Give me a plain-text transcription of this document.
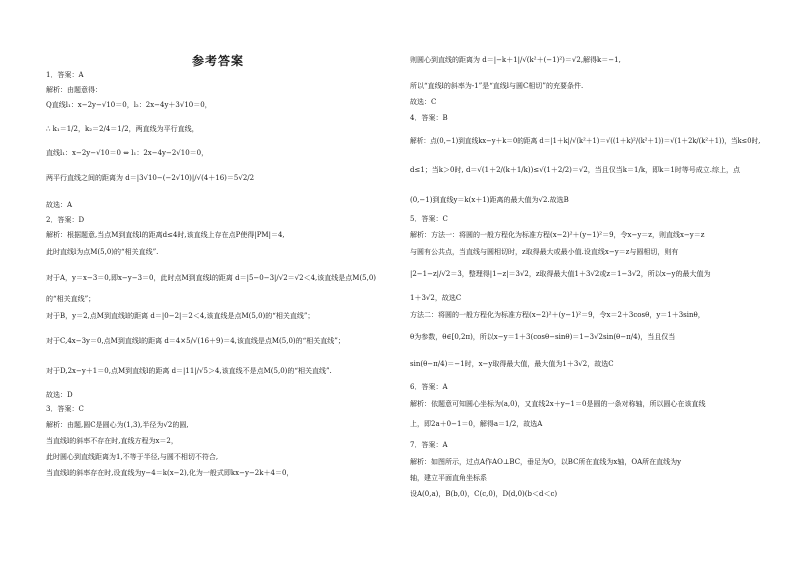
参考答案
1．答案：A
解析：由题意得：
Q直线l₁：x−2y−√10＝0，l₂：2x−4y＋3√10＝0，
∴ k₁＝1/2，k₂＝2/4＝1/2，两直线为平行直线，
直线l₁：x−2y−√10＝0 ⇔ l₁：2x−4y−2√10＝0，
两平行直线之间的距离为 d＝|3√10−(−2√10)|/√(4＋16)＝5√2/2
故选：A
2．答案：D
解析：根据题意,当点M到直线l的距离d≤4时,该直线上存在点P使得|PM|＝4,
此时直线l为点M(5,0)的“相关直线”.
对于A，y＝x−3＝0,即x−y−3＝0，此时点M到直线l的距离 d＝|5−0−3|/√2＝√2＜4,该直线是点M(5,0)
的“相关直线”；
对于B，y＝2,点M到直线l的距离 d＝|0−2|＝2＜4,该直线是点M(5,0)的“相关直线”；
对于C,4x−3y＝0,点M到直线l的距离 d＝4×5/√(16＋9)＝4,该直线是点M(5,0)的“相关直线”；
对于D,2x−y＋1＝0,点M到直线l的距离 d＝|11|/√5＞4,该直线不是点M(5,0)的“相关直线”.
故选：D
3．答案：C
解析：由题,圆C是圆心为(1,3),半径为√2的圆,
当直线l的斜率不存在时,直线方程为x＝2，
此时圆心到直线距离为1,不等于半径,与圆不相切不符合,
当直线l的斜率存在时,设直线为y−4＝k(x−2),化为一般式即kx−y−2k＋4＝0，
则圆心到直线的距离为 d＝|−k＋1|/√(k²＋(−1)²)＝√2,解得k＝−1,
所以“直线l的斜率为-1”是“直线l与圆C相切”的充要条件.
故选：C
4．答案：B
解析：点(0,−1)到直线kx−y＋k＝0的距离 d＝|1＋k|/√(k²＋1)＝√((1＋k)²/(k²＋1))＝√(1＋2k/(k²＋1))，当k≤0时,
d≤1；当k＞0时, d＝√(1＋2/(k＋1/k))≤√(1＋2/2)＝√2，当且仅当k＝1/k，即k＝1时等号成立.综上，点
(0,−1)到直线y＝k(x＋1)距离的最大值为√2.故选B
5．答案：C
解析：方法一：将圆的一般方程化为标准方程(x−2)²＋(y−1)²＝9，令x−y＝z，则直线x−y＝z
与圆有公共点，当直线与圆相切时，z取得最大或最小值.设直线x−y＝z与圆相切，则有
|2−1−z|/√2＝3，整理得|1−z|＝3√2，z取得最大值1＋3√2或z＝1−3√2，所以x−y的最大值为
1＋3√2，故选C
方法二：将圆的一般方程化为标准方程(x−2)²＋(y−1)²＝9，令x＝2＋3cosθ，y＝1＋3sinθ，
θ为参数，θ∈[0,2π)，所以x−y＝1＋3(cosθ−sinθ)＝1−3√2sin(θ−π/4)，当且仅当
sin(θ−π/4)＝−1时，x−y取得最大值，最大值为1＋3√2，故选C
6．答案：A
解析：依题意可知圆心坐标为(a,0)，又直线2x＋y−1＝0是圆的一条对称轴，所以圆心在该直线
上，即2a＋0−1＝0，解得a＝1/2，故选A
7．答案：A
解析：如图所示，过点A作AO⊥BC，垂足为O，以BC所在直线为x轴，OA所在直线为y
轴，建立平面直角坐标系
设A(0,a)，B(b,0)，C(c,0)，D(d,0)(b＜d＜c)
